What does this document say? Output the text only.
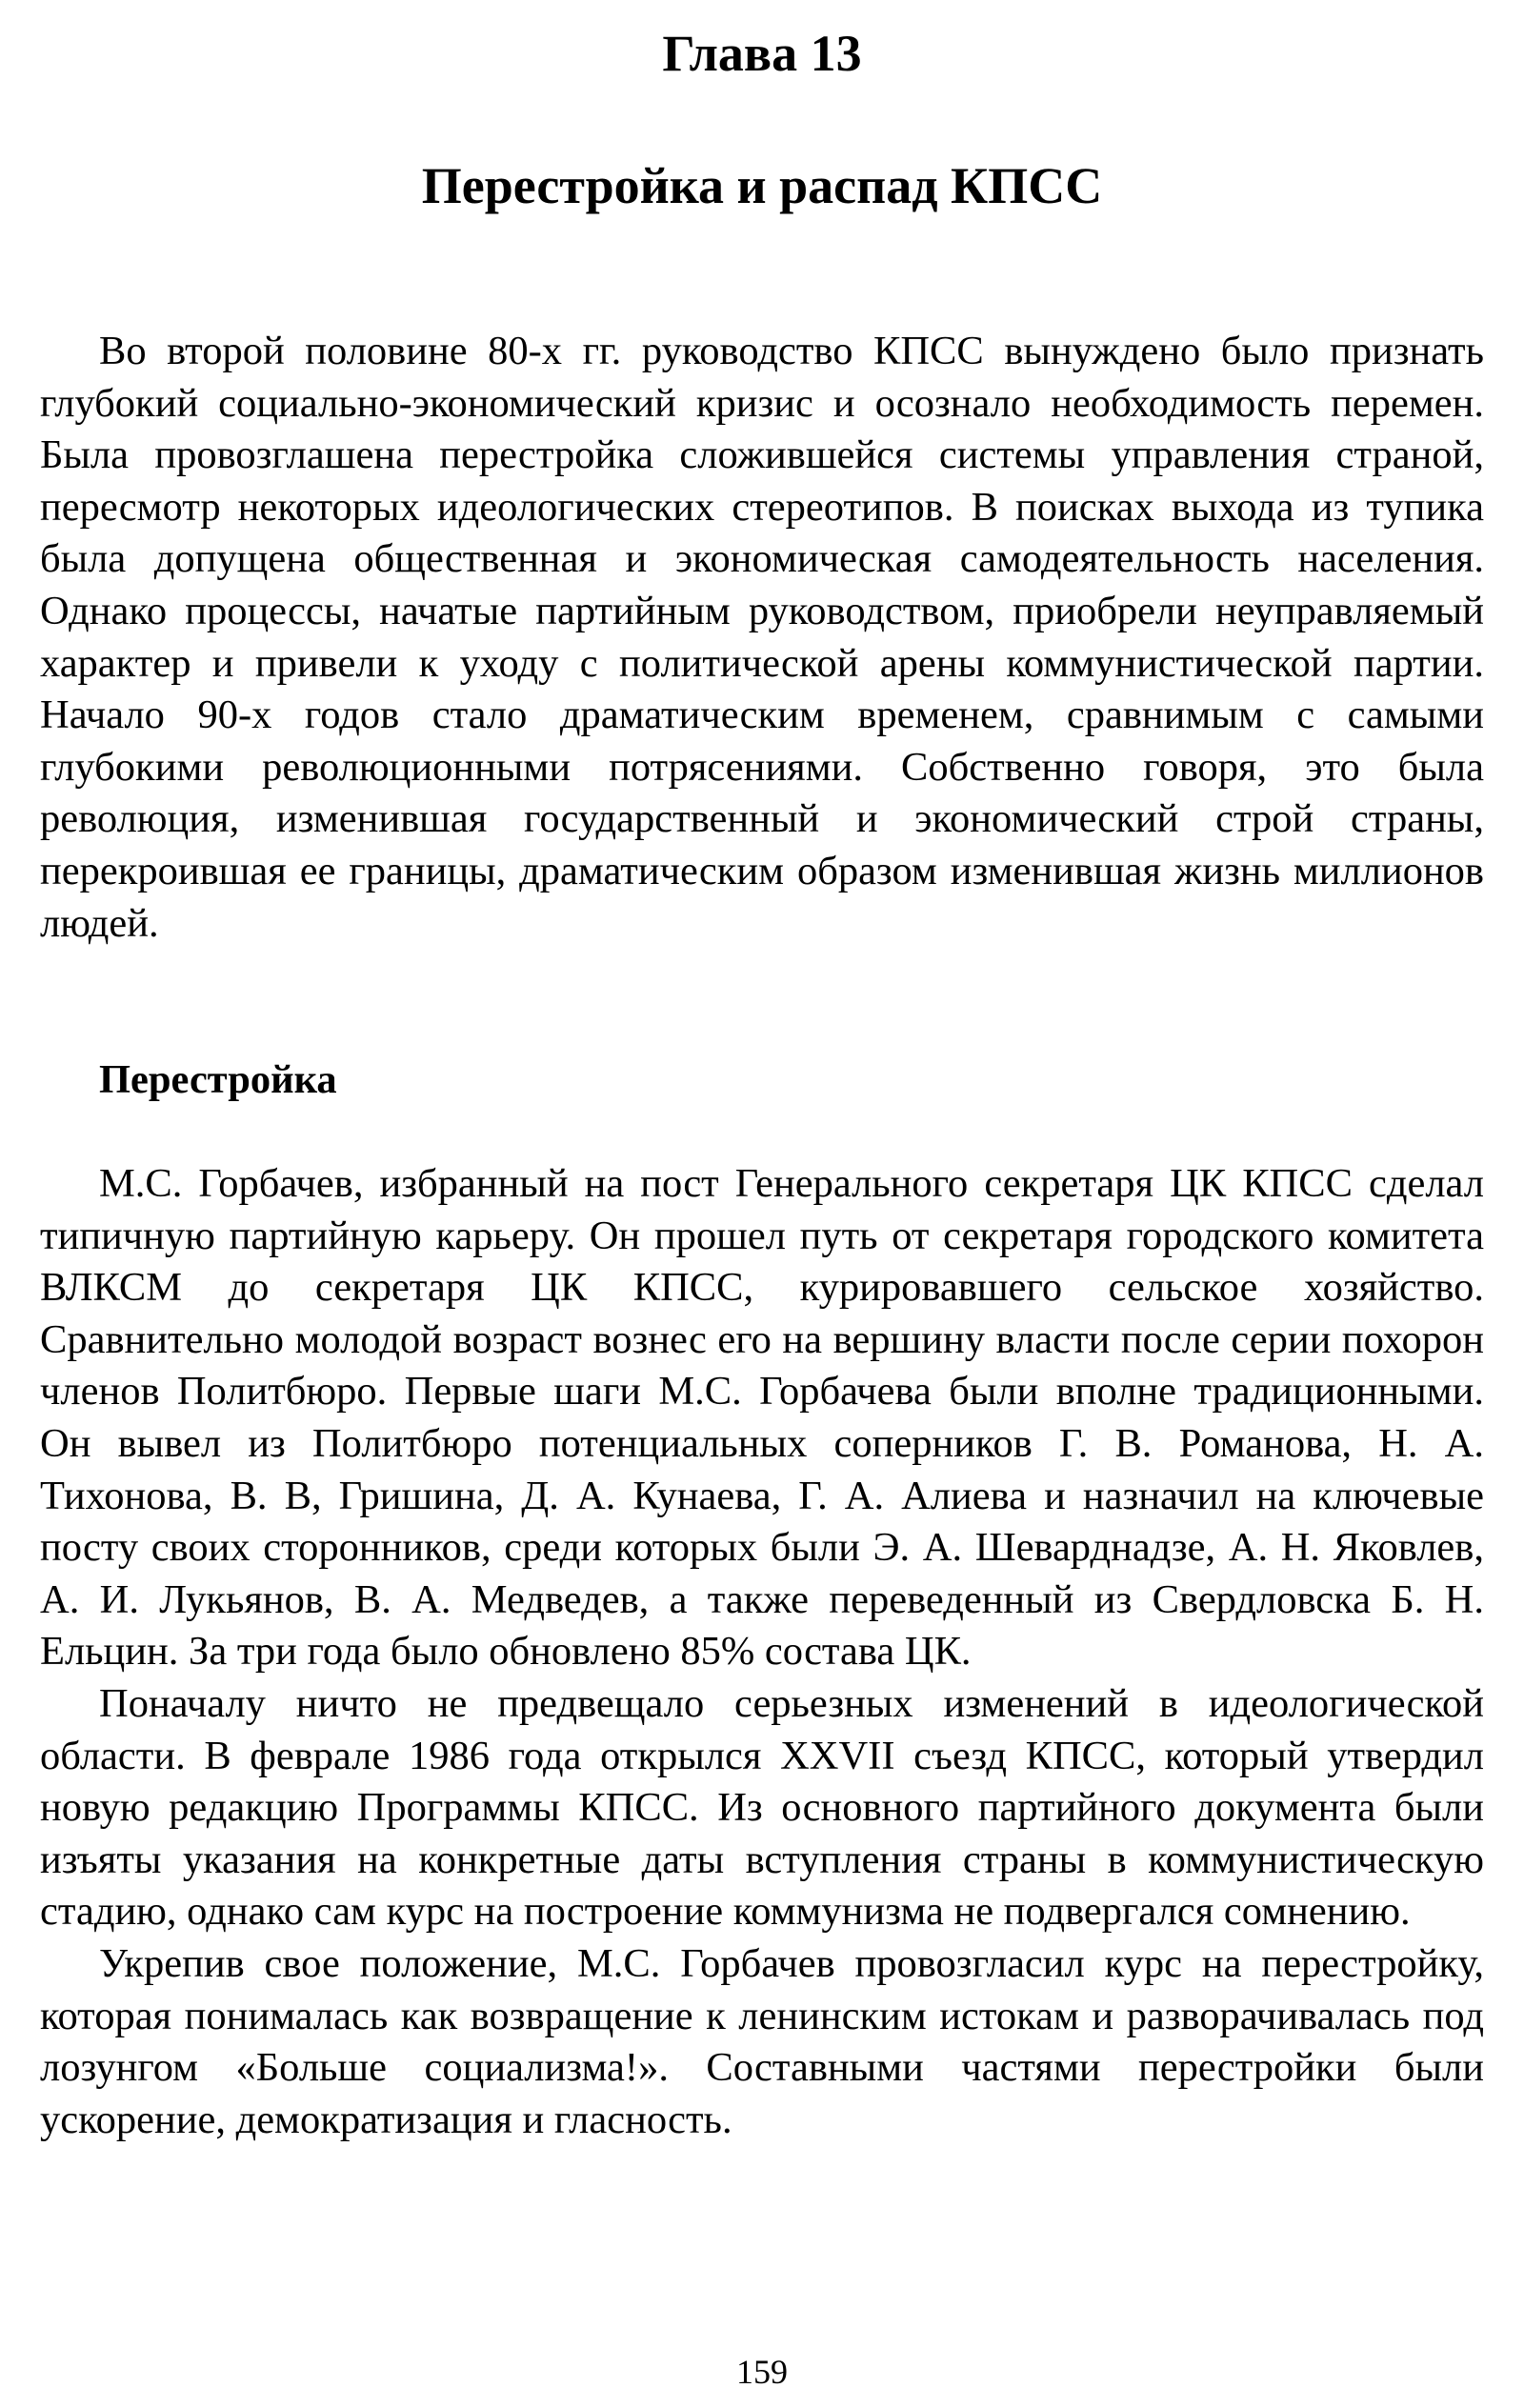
Глава 13
Перестройка и распад КПСС

Во второй половине 80-х гг. руководство КПСС вынуждено было признать глубокий социально-экономический кризис и осознало необходимость перемен. Была провозглашена перестройка сложившейся системы управления страной, пересмотр некоторых идеологических стереотипов. В поисках выхода из тупика была допущена общественная и экономическая самодеятельность населения. Однако процессы, начатые партийным руководством, приобрели неуправляемый характер и привели к уходу с политической арены коммунистической партии. Начало 90-х годов стало драматическим временем, сравнимым с самыми глубокими революционными потрясениями. Собственно говоря, это была революция, изменившая государственный и экономический строй страны, перекроившая ее границы, драматическим образом изменившая жизнь миллионов людей.

Перестройка

М.С. Горбачев, избранный на пост Генерального секретаря ЦК КПСС сделал типичную партийную карьеру. Он прошел путь от секретаря городского комитета ВЛКСМ до секретаря ЦК КПСС, курировавшего сельское хозяйство. Сравнительно молодой возраст вознес его на вершину власти после серии похорон членов Политбюро. Первые шаги М.С. Горбачева были вполне традиционными. Он вывел из Политбюро потенциальных соперников Г. В. Романова, Н. А. Тихонова, В. В, Гришина, Д. А. Кунаева, Г. А. Алиева и назначил на ключевые посту своих сторонников, среди которых были Э. А. Шеварднадзе, А. Н. Яковлев, А. И. Лукьянов, В. А. Медведев, а также переведенный из Свердловска Б. Н. Ельцин. За три года было обновлено 85% состава ЦК.

Поначалу ничто не предвещало серьезных изменений в идеологической области. В феврале 1986 года открылся XXVII съезд КПСС, который утвердил новую редакцию Программы КПСС. Из основного партийного документа были изъяты указания на конкретные даты вступления страны в коммунистическую стадию, однако сам курс на построение коммунизма не подвергался сомнению.

Укрепив свое положение, М.С. Горбачев провозгласил курс на перестройку, которая понималась как возвращение к ленинским истокам и разворачивалась под лозунгом «Больше социализма!». Составными частями перестройки были ускорение, демократизация и гласность.

159
